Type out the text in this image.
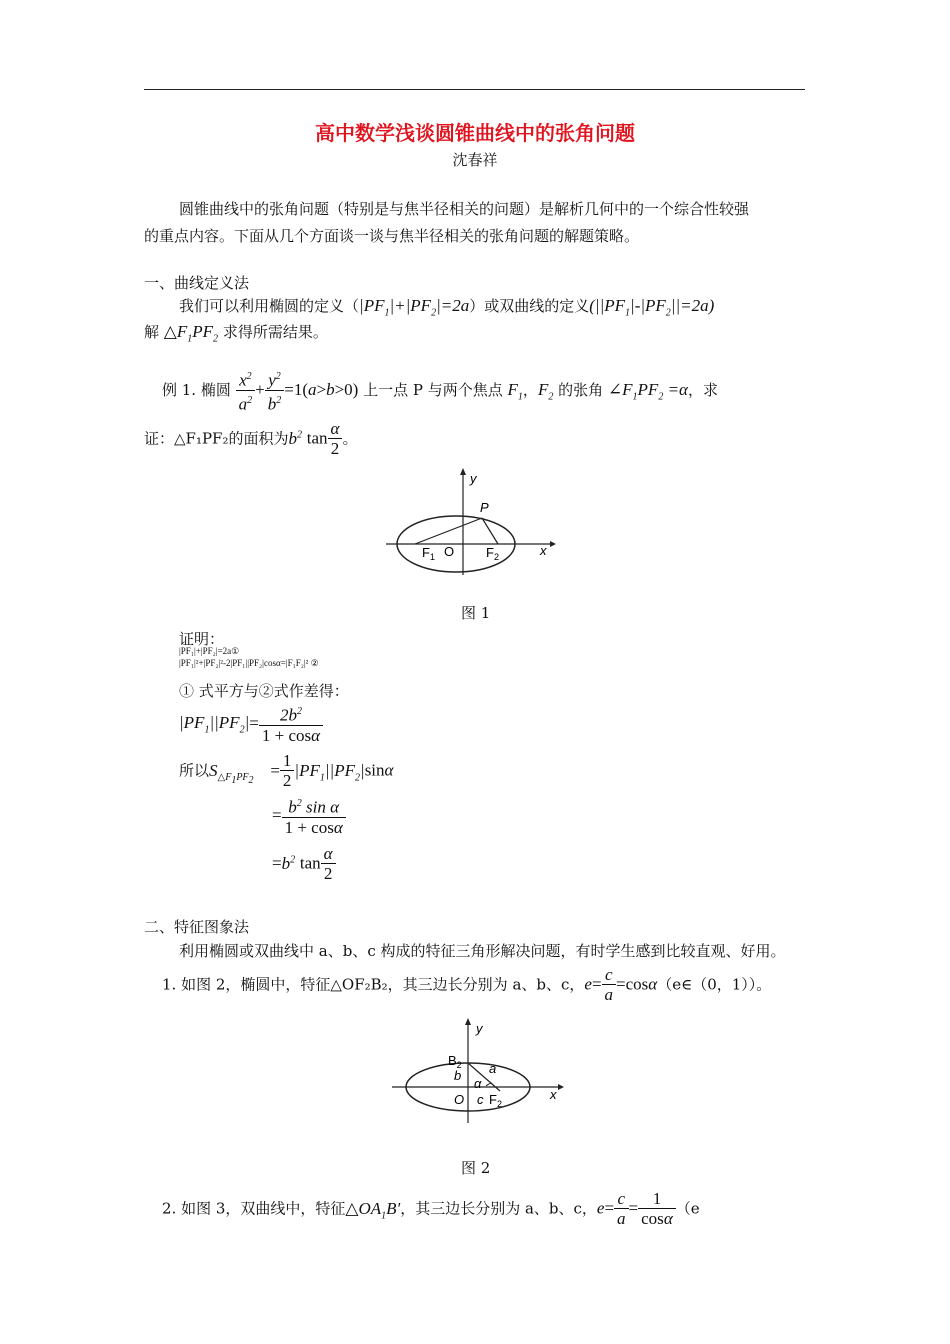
高中数学浅谈圆锥曲线中的张角问题
沈春祥
圆锥曲线中的张角问题（特别是与焦半径相关的问题）是解析几何中的一个综合性较强
的重点内容。下面从几个方面谈一谈与焦半径相关的张角问题的解题策略。
一、曲线定义法
我们可以利用椭圆的定义$(|PF_1|+|PF_2|=2a)$或双曲线的定义$(||PF_1|-|PF_2||=2a)$
解 $\triangle F_1PF_2$ 求得所需结果。
例 1. 椭圆 $\frac{x^2}{a^2} + \frac{y^2}{b^2} =1(a>b>0)$ 上一点 P 与两个焦点 $F_1$，$F_2$ 的张角 $\angle F_1PF_2 =\alpha$，求
证：△F₁PF₂的面积为$b^2$ $\tan \frac{\alpha}{2}$ 。
y
x
P
$F_1$ O $F_2$
图 1
证明：
|PF₁|+|PF₂|=2a①
|PF₁|²+|PF₂|²-2|PF₁||PF₂|cosα=|F₁F₂|² ②
① 式平方与②式作差得：
$|PF_1||PF_2|= \frac{2b^2}{1 + \cos\alpha}$
所以$S_{\triangle F_1PF_2} = \frac{1}{2} |PF_1||PF_2|\sin\alpha$
= $\frac{b^2 \sin \alpha}{1 + \cos\alpha}$
$=b^2$ $\tan \frac{\alpha}{2}$
二、特征图象法
利用椭圆或双曲线中 a、b、c 构成的特征三角形解决问题，有时学生感到比较直观、好用。
1. 如图 2，椭圆中，特征△OF₂B₂，其三边长分别为 a、b、c，$e= \frac{c}{a}$ =cosα（e∈（0，1））。
y
x
$B_2$
b a
α
O c $F_2$
图 2
2. 如图 3，双曲线中，特征$\triangle OA_1B'$，其三边长分别为 a、b、c，$e= \frac{c}{a} = \frac{1}{\cos\alpha} (e$
